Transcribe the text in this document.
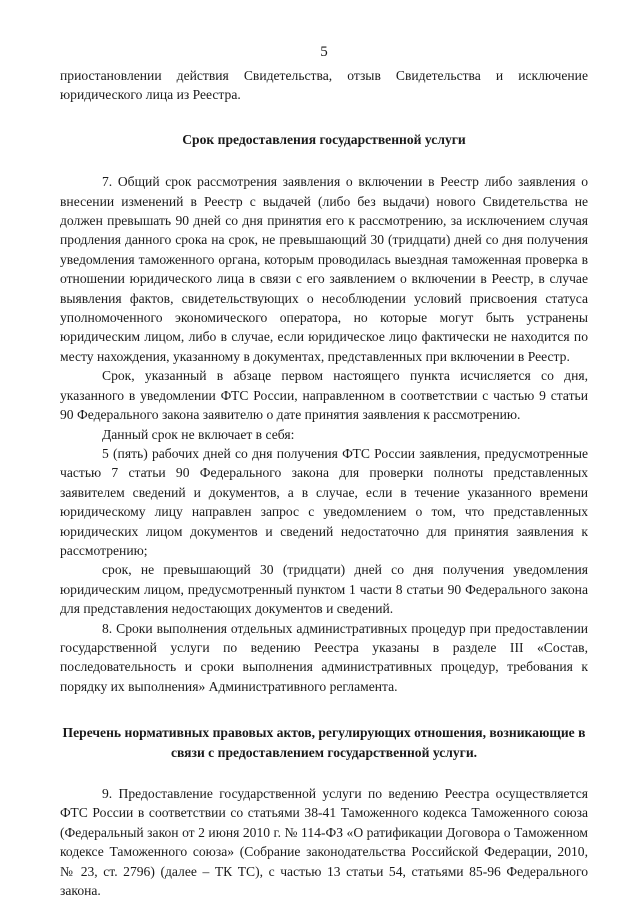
5

приостановлении действия Свидетельства, отзыв Свидетельства и исключение юридического лица из Реестра.

Срок предоставления государственной услуги

7. Общий срок рассмотрения заявления о включении в Реестр либо заявления о внесении изменений в Реестр с выдачей (либо без выдачи) нового Свидетельства не должен превышать 90 дней со дня принятия его к рассмотрению, за исключением случая продления данного срока на срок, не превышающий 30 (тридцати) дней со дня получения уведомления таможенного органа, которым проводилась выездная таможенная проверка в отношении юридического лица в связи с его заявлением о включении в Реестр, в случае выявления фактов, свидетельствующих о несоблюдении условий присвоения статуса уполномоченного экономического оператора, но которые могут быть устранены юридическим лицом, либо в случае, если юридическое лицо фактически не находится по месту нахождения, указанному в документах, представленных при включении в Реестр.

Срок, указанный в абзаце первом настоящего пункта исчисляется со дня, указанного в уведомлении ФТС России, направленном в соответствии с частью 9 статьи 90 Федерального закона заявителю о дате принятия заявления к рассмотрению.

Данный срок не включает в себя:

5 (пять) рабочих дней со дня получения ФТС России заявления, предусмотренные частью 7 статьи 90 Федерального закона для проверки полноты представленных заявителем сведений и документов, а в случае, если в течение указанного времени юридическому лицу направлен запрос с уведомлением о том, что представленных юридических лицом документов и сведений недостаточно для принятия заявления к рассмотрению;

срок, не превышающий 30 (тридцати) дней со дня получения уведомления юридическим лицом, предусмотренный пунктом 1 части 8 статьи 90 Федерального закона для представления недостающих документов и сведений.

8. Сроки выполнения отдельных административных процедур при предоставлении государственной услуги по ведению Реестра указаны в разделе III «Состав, последовательность и сроки выполнения административных процедур, требования к порядку их выполнения» Административного регламента.

Перечень нормативных правовых актов, регулирующих отношения, возникающие в связи с предоставлением государственной услуги.

9. Предоставление государственной услуги по ведению Реестра осуществляется ФТС России в соответствии со статьями 38-41 Таможенного кодекса Таможенного союза (Федеральный закон от 2 июня 2010 г. № 114-ФЗ «О ратификации Договора о Таможенном кодексе Таможенного союза» (Собрание законодательства Российской Федерации, 2010, № 23, ст. 2796) (далее – ТК ТС), с частью 13 статьи 54, статьями 85-96 Федерального закона.
